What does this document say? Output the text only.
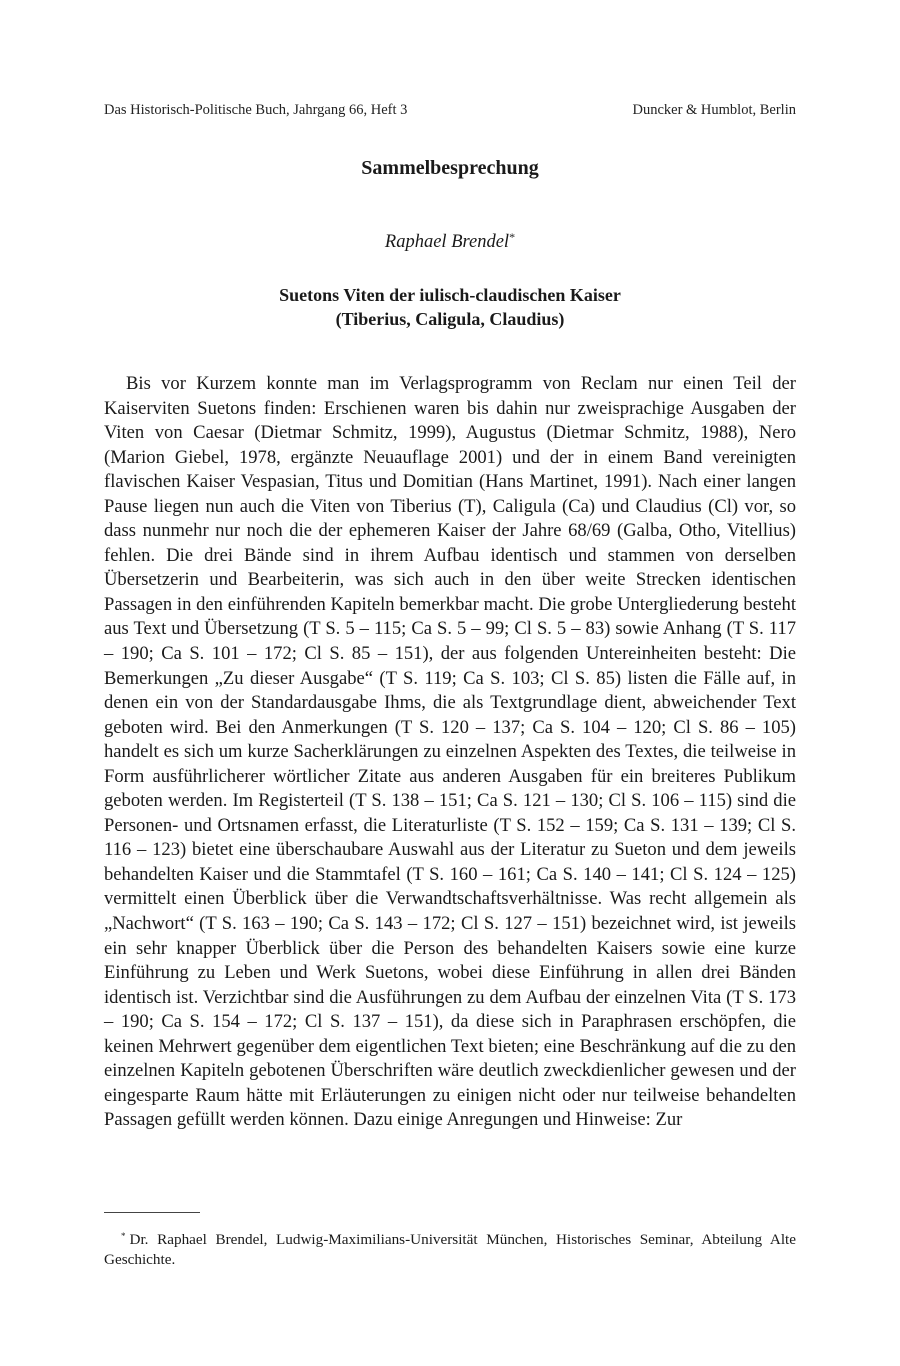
Das Historisch-Politische Buch, Jahrgang 66, Heft 3	Duncker & Humblot, Berlin
Sammelbesprechung
Raphael Brendel*
Suetons Viten der iulisch-claudischen Kaiser
(Tiberius, Caligula, Claudius)

Bis vor Kurzem konnte man im Verlagsprogramm von Reclam nur einen Teil der Kaiserviten Suetons finden: Erschienen waren bis dahin nur zweisprachige Ausgaben der Viten von Caesar (Dietmar Schmitz, 1999), Augustus (Dietmar Schmitz, 1988), Nero (Marion Giebel, 1978, ergänzte Neuauflage 2001) und der in einem Band vereinigten flavischen Kaiser Vespasian, Titus und Domitian (Hans Martinet, 1991). Nach einer langen Pause liegen nun auch die Viten von Tiberius (T), Caligula (Ca) und Claudius (Cl) vor, so dass nunmehr nur noch die der ephemeren Kaiser der Jahre 68/69 (Galba, Otho, Vitellius) fehlen. Die drei Bände sind in ihrem Aufbau identisch und stammen von derselben Übersetzerin und Bearbeiterin, was sich auch in den über weite Strecken identischen Passagen in den einführenden Kapiteln bemerkbar macht. Die grobe Untergliederung besteht aus Text und Übersetzung (T S. 5 – 115; Ca S. 5 – 99; Cl S. 5 – 83) sowie Anhang (T S. 117 – 190; Ca S. 101 – 172; Cl S. 85 – 151), der aus folgenden Untereinheiten besteht: Die Bemerkungen „Zu dieser Ausgabe“ (T S. 119; Ca S. 103; Cl S. 85) listen die Fälle auf, in denen ein von der Standardausgabe Ihms, die als Textgrundlage dient, abweichender Text geboten wird. Bei den Anmerkungen (T S. 120 – 137; Ca S. 104 – 120; Cl S. 86 – 105) handelt es sich um kurze Sacherklärungen zu einzelnen Aspekten des Textes, die teilweise in Form ausführlicherer wörtlicher Zitate aus anderen Ausgaben für ein breiteres Publikum geboten werden. Im Registerteil (T S. 138 – 151; Ca S. 121 – 130; Cl S. 106 – 115) sind die Personen- und Ortsnamen erfasst, die Literaturliste (T S. 152 – 159; Ca S. 131 – 139; Cl S. 116 – 123) bietet eine überschaubare Auswahl aus der Literatur zu Sueton und dem jeweils behandelten Kaiser und die Stammtafel (T S. 160 – 161; Ca S. 140 – 141; Cl S. 124 – 125) vermittelt einen Überblick über die Verwandtschaftsverhältnisse. Was recht allgemein als „Nachwort“ (T S. 163 – 190; Ca S. 143 – 172; Cl S. 127 – 151) bezeichnet wird, ist jeweils ein sehr knapper Überblick über die Person des behandelten Kaisers sowie eine kurze Einführung zu Leben und Werk Suetons, wobei diese Einführung in allen drei Bänden identisch ist. Verzichtbar sind die Ausführungen zu dem Aufbau der einzelnen Vita (T S. 173 – 190; Ca S. 154 – 172; Cl S. 137 – 151), da diese sich in Paraphrasen erschöpfen, die keinen Mehrwert gegenüber dem eigentlichen Text bieten; eine Beschränkung auf die zu den einzelnen Kapiteln gebotenen Überschriften wäre deutlich zweckdienlicher gewesen und der eingesparte Raum hätte mit Erläuterungen zu einigen nicht oder nur teilweise behandelten Passagen gefüllt werden können. Dazu einige Anregungen und Hinweise: Zur

* Dr. Raphael Brendel, Ludwig-Maximilians-Universität München, Historisches Seminar, Abteilung Alte Geschichte.
